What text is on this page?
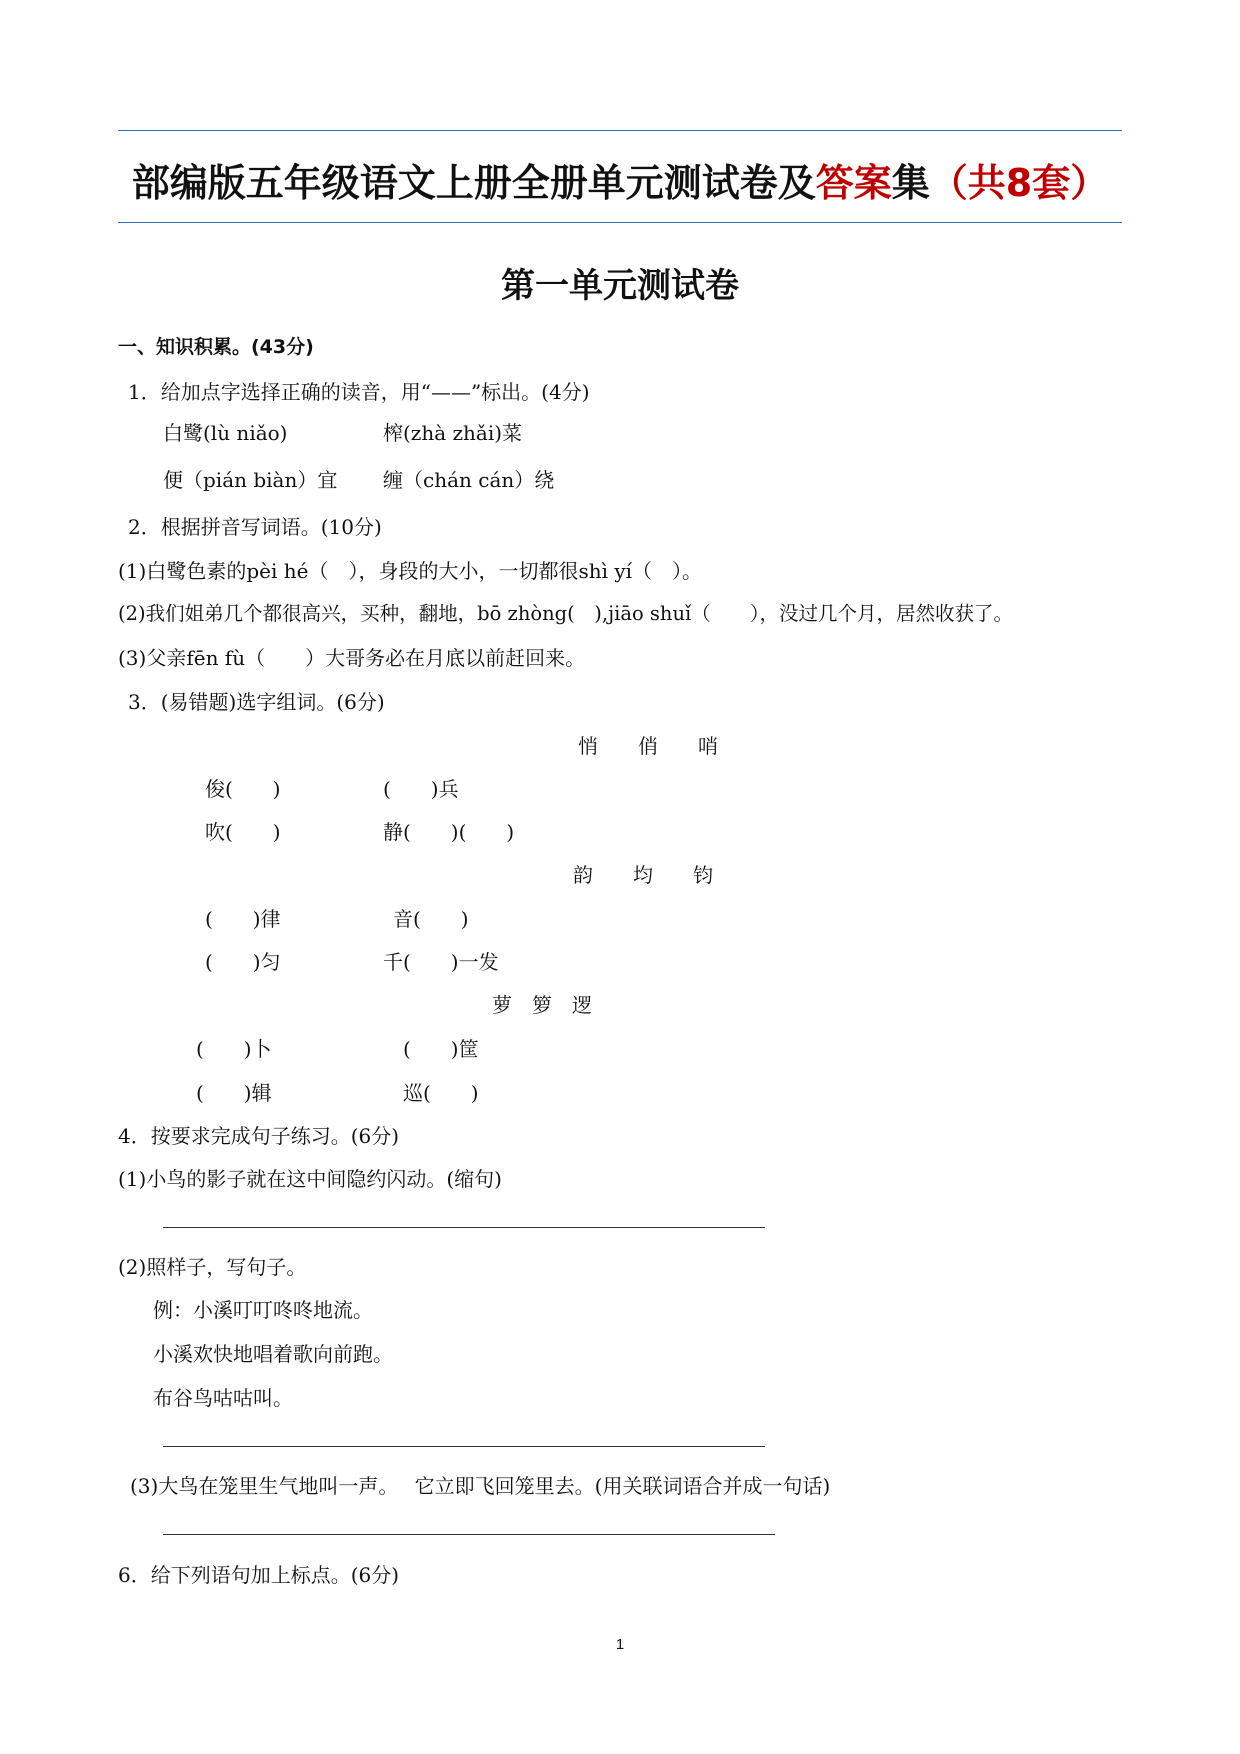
部编版五年级语文上册全册单元测试卷及答案集（共8套）
第一单元测试卷
一、知识积累。(43分)
1．给加点字选择正确的读音，用“——”标出。(4分)
白鹭(lù niǎo)	榨(zhà zhǎi)菜
便（pián biàn）宜 缠（chán cán）绕
2．根据拼音写词语。(10分)
(1)白鹭色素的pèi hé（　），身段的大小，一切都很shì yí（　）。
(2)我们姐弟几个都很高兴，买种，翻地，bō zhòng(　),jiāo shuǐ（　　），没过几个月，居然收获了。
(3)父亲fēn fù（　　）大哥务必在月底以前赶回来。
3．(易错题)选字组词。(6分)
悄　　俏　　哨
俊(　　)	(　　)兵
吹(　　)	静(　　)(　　)
韵　　均　　钧
(　　)律	音(　　)
(　　)匀	千(　　)一发
萝　箩　逻
(　　)卜	(　　)筐
(　　)辑	巡(　　)
4．按要求完成句子练习。(6分)
(1)小鸟的影子就在这中间隐约闪动。(缩句)
(2)照样子，写句子。
例：小溪叮叮咚咚地流。
小溪欢快地唱着歌向前跑。
布谷鸟咕咕叫。
(3)大鸟在笼里生气地叫一声。　 它立即飞回笼里去。(用关联词语合并成一句话)
6．给下列语句加上标点。(6分)
1
